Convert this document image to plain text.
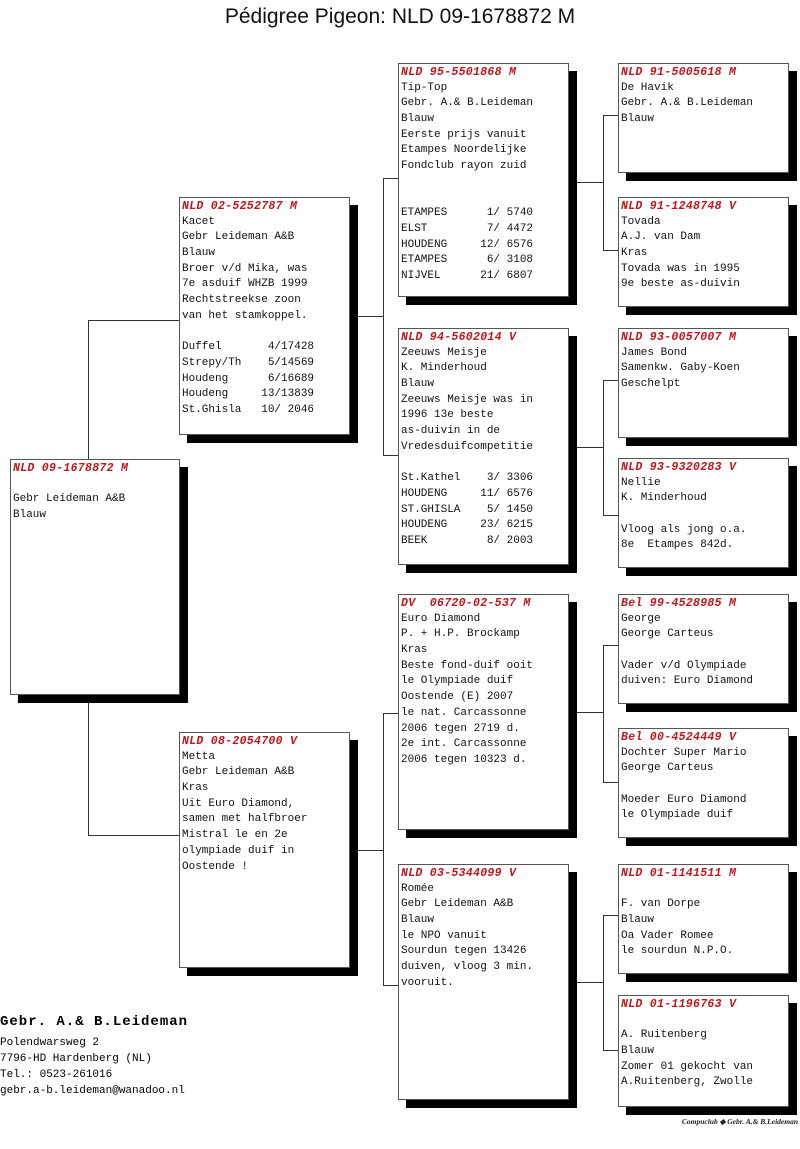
Pédigree Pigeon: NLD 09-1678872 M
NLD 09-1678872 M
Gebr Leideman A&B
Blauw
NLD 02-5252787 M
Kacet
Gebr Leideman A&B
Blauw
Broer v/d Mika, was
7e asduif WHZB 1999
Rechtstreekse zoon
van het stamkoppel.
Duffel       4/17428
Strepy/Th    5/14569
Houdeng      6/16689
Houdeng     13/13839
St.Ghisla   10/ 2046
NLD 08-2054700 V
Metta
Gebr Leideman A&B
Kras
Uit Euro Diamond,
samen met halfbroer
Mistral le en 2e
olympiade duif in
Oostende !
NLD 95-5501868 M
Tip-Top
Gebr. A.& B.Leideman
Blauw
Eerste prijs vanuit
Etampes Noordelijke
Fondclub rayon zuid
ETAMPES      1/ 5740
ELST         7/ 4472
HOUDENG     12/ 6576
ETAMPES      6/ 3108
NIJVEL      21/ 6807
NLD 94-5602014 V
Zeeuws Meisje
K. Minderhoud
Blauw
Zeeuws Meisje was in
1996 13e beste
as-duivin in de
Vredesduifcompetitie
St.Kathel    3/ 3306
HOUDENG     11/ 6576
ST.GHISLA    5/ 1450
HOUDENG     23/ 6215
BEEK         8/ 2003
DV  06720-02-537 M
Euro Diamond
P. + H.P. Brockamp
Kras
Beste fond-duif ooit
le Olympiade duif
Oostende (E) 2007
le nat. Carcassonne
2006 tegen 2719 d.
2e int. Carcassonne
2006 tegen 10323 d.
NLD 03-5344099 V
Romée
Gebr Leideman A&B
Blauw
le NPO vanuit
Sourdun tegen 13426
duiven, vloog 3 min.
vooruit.
NLD 91-5005618 M
De Havik
Gebr. A.& B.Leideman
Blauw
NLD 91-1248748 V
Tovada
A.J. van Dam
Kras
Tovada was in 1995
9e beste as-duivin
NLD 93-0057007 M
James Bond
Samenkw. Gaby-Koen
Geschelpt
NLD 93-9320283 V
Nellie
K. Minderhoud
Vloog als jong o.a.
8e  Etampes 842d.
Bel 99-4528985 M
George
George Carteus
Vader v/d Olympiade
duiven: Euro Diamond
Bel 00-4524449 V
Dochter Super Mario
George Carteus
Moeder Euro Diamond
le Olympiade duif
NLD 01-1141511 M
F. van Dorpe
Blauw
Oa Vader Romee
le sourdun N.P.O.
NLD 01-1196763 V
A. Ruitenberg
Blauw
Zomer 01 gekocht van
A.Ruitenberg, Zwolle
Gebr. A.& B.Leideman
Polendwarsweg 2
7796-HD Hardenberg (NL)
Tel.: 0523-261016
gebr.a-b.leideman@wanadoo.nl
Compuclub ◆ Gebr. A.& B.Leideman
